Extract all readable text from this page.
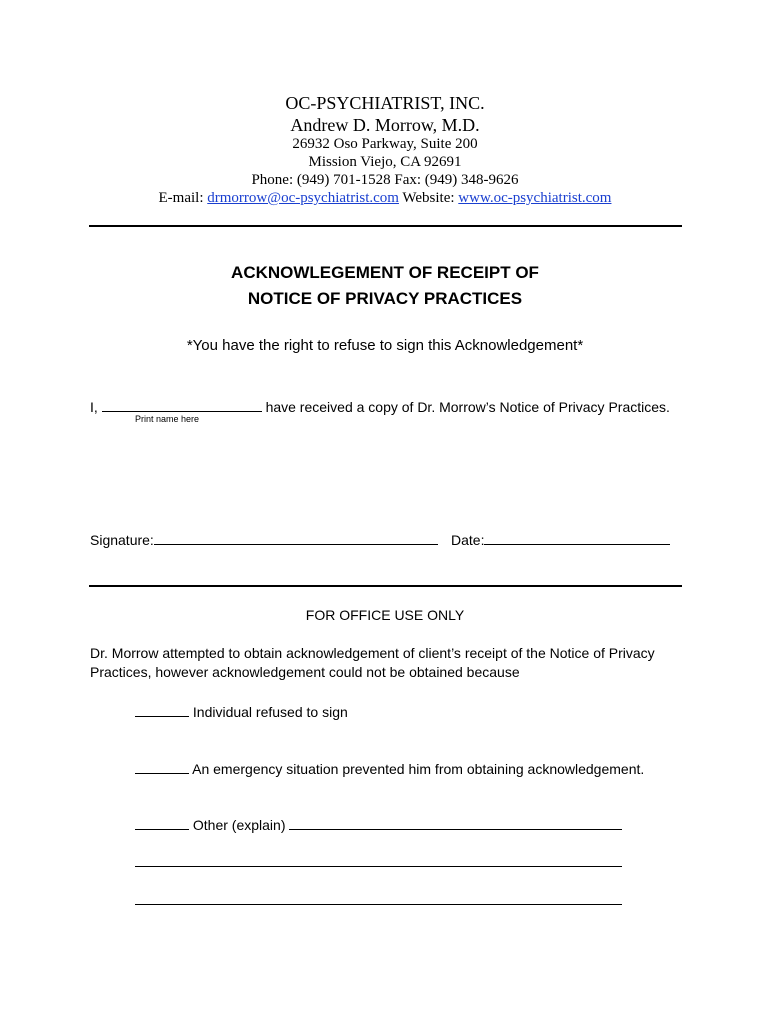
OC-PSYCHIATRIST, INC.
Andrew D. Morrow, M.D.
26932 Oso Parkway, Suite 200
Mission Viejo, CA 92691
Phone: (949) 701-1528 Fax: (949) 348-9626
E-mail: drmorrow@oc-psychiatrist.com Website: www.oc-psychiatrist.com
ACKNOWLEGEMENT OF RECEIPT OF
NOTICE OF PRIVACY PRACTICES
*You have the right to refuse to sign this Acknowledgement*
I,	have received a copy of Dr. Morrow’s Notice of Privacy Practices.
Print name here
Signature:	Date:
FOR OFFICE USE ONLY
Dr. Morrow attempted to obtain acknowledgement of client’s receipt of the Notice of Privacy
Practices, however acknowledgement could not be obtained because
Individual refused to sign
An emergency situation prevented him from obtaining acknowledgement.
Other (explain)
